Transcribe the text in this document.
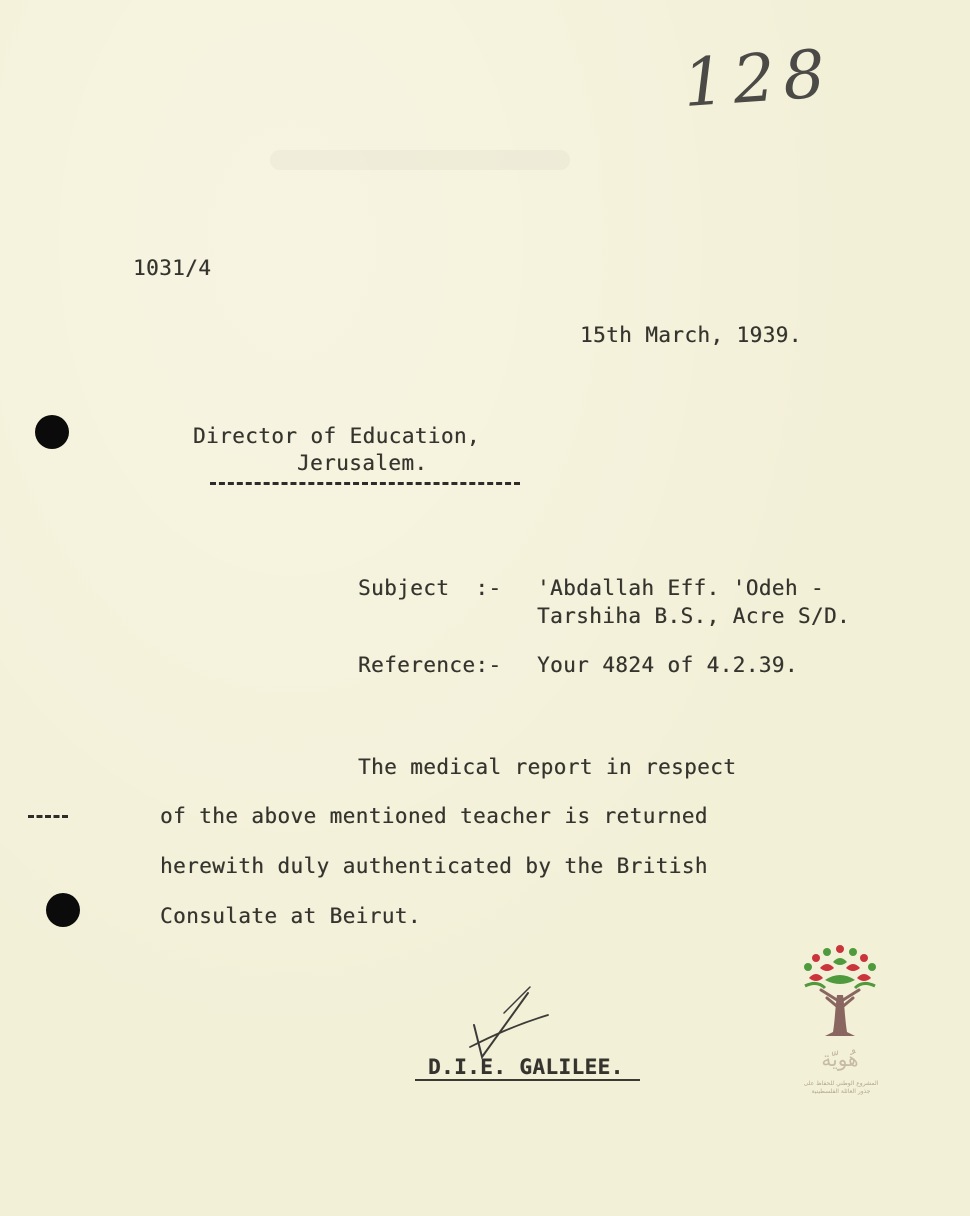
128
1031/4
15th March, 1939.
Director of Education,
Jerusalem.
Subject  :- 'Abdallah Eff. 'Odeh -
Tarshiha B.S., Acre S/D.
Reference:- Your 4824 of 4.2.39.
The medical report in respect
of the above mentioned teacher is returned
herewith duly authenticated by the British
Consulate at Beirut.
D.I.E. GALILEE.	هُويّة
المشروع الوطني للحفاظ على
جذور العائلة الفلسطينية
